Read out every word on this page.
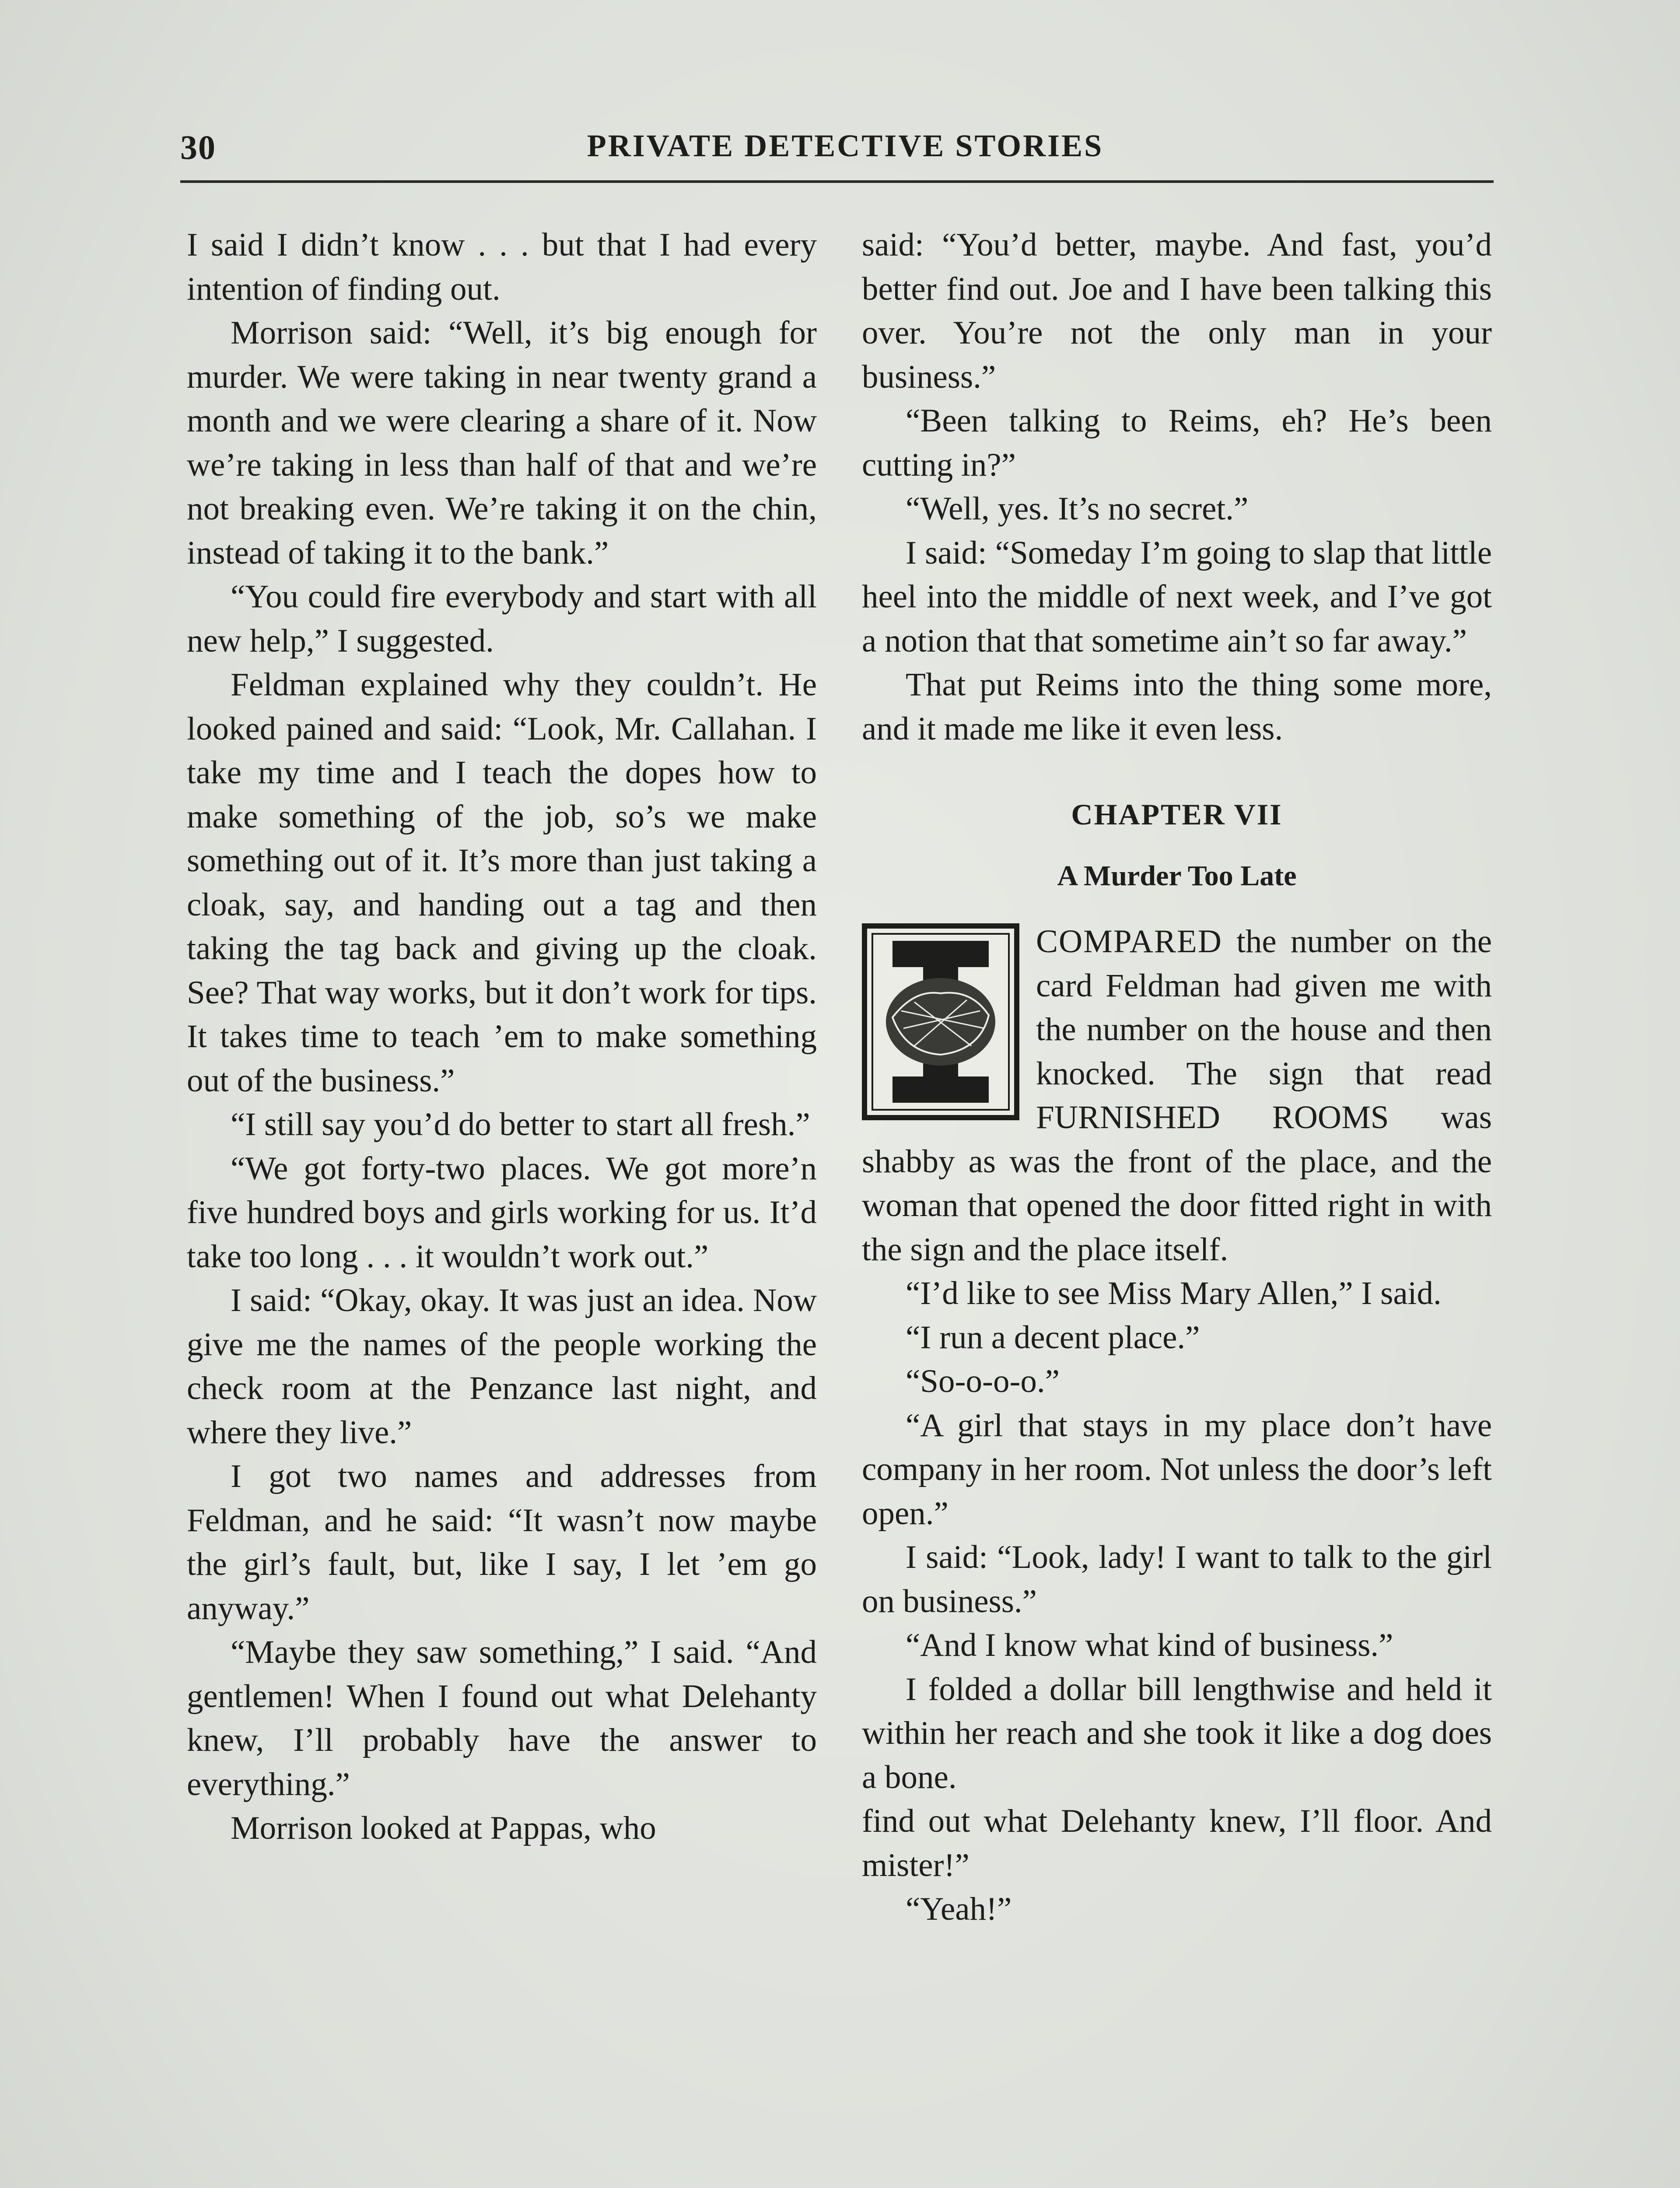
30	PRIVATE DETECTIVE STORIES

I said I didn’t know . . . but that I had every intention of finding out.

Morrison said: “Well, it’s big enough for murder. We were taking in near twenty grand a month and we were clearing a share of it. Now we’re taking in less than half of that and we’re not breaking even. We’re taking it on the chin, instead of taking it to the bank.”

“You could fire everybody and start with all new help,” I suggested.

Feldman explained why they couldn’t. He looked pained and said: “Look, Mr. Callahan. I take my time and I teach the dopes how to make something of the job, so’s we make something out of it. It’s more than just taking a cloak, say, and handing out a tag and then taking the tag back and giving up the cloak. See? That way works, but it don’t work for tips. It takes time to teach ’em to make something out of the business.”

“I still say you’d do better to start all fresh.”

“We got forty-two places. We got more’n five hundred boys and girls working for us. It’d take too long . . . it wouldn’t work out.”

I said: “Okay, okay. It was just an idea. Now give me the names of the people working the check room at the Penzance last night, and where they live.”

I got two names and addresses from Feldman, and he said: “It wasn’t now maybe the girl’s fault, but, like I say, I let ’em go anyway.”

“Maybe they saw something,” I said. “And gentlemen! When I found out what Delehanty knew, I’ll probably have the answer to everything.”

Morrison looked at Pappas, who

said: “You’d better, maybe. And fast, you’d better find out. Joe and I have been talking this over. You’re not the only man in your business.”

“Been talking to Reims, eh? He’s been cutting in?”

“Well, yes. It’s no secret.”

I said: “Someday I’m going to slap that little heel into the middle of next week, and I’ve got a notion that that sometime ain’t so far away.”

That put Reims into the thing some more, and it made me like it even less.

CHAPTER VII
A Murder Too Late

COMPARED the number on the card Feldman had given me with the number on the house and then knocked. The sign that read FURNISHED ROOMS was shabby as was the front of the place, and the woman that opened the door fitted right in with the sign and the place itself.

“I’d like to see Miss Mary Allen,” I said.

“I run a decent place.”

“So-o-o-o.”

“A girl that stays in my place don’t have company in her room. Not unless the door’s left open.”

I said: “Look, lady! I want to talk to the girl on business.”

“And I know what kind of business.”

I folded a dollar bill lengthwise and held it within her reach and she took it like a dog does a bone.

find out what Delehanty knew, I’ll floor. And mister!”

“Yeah!”
